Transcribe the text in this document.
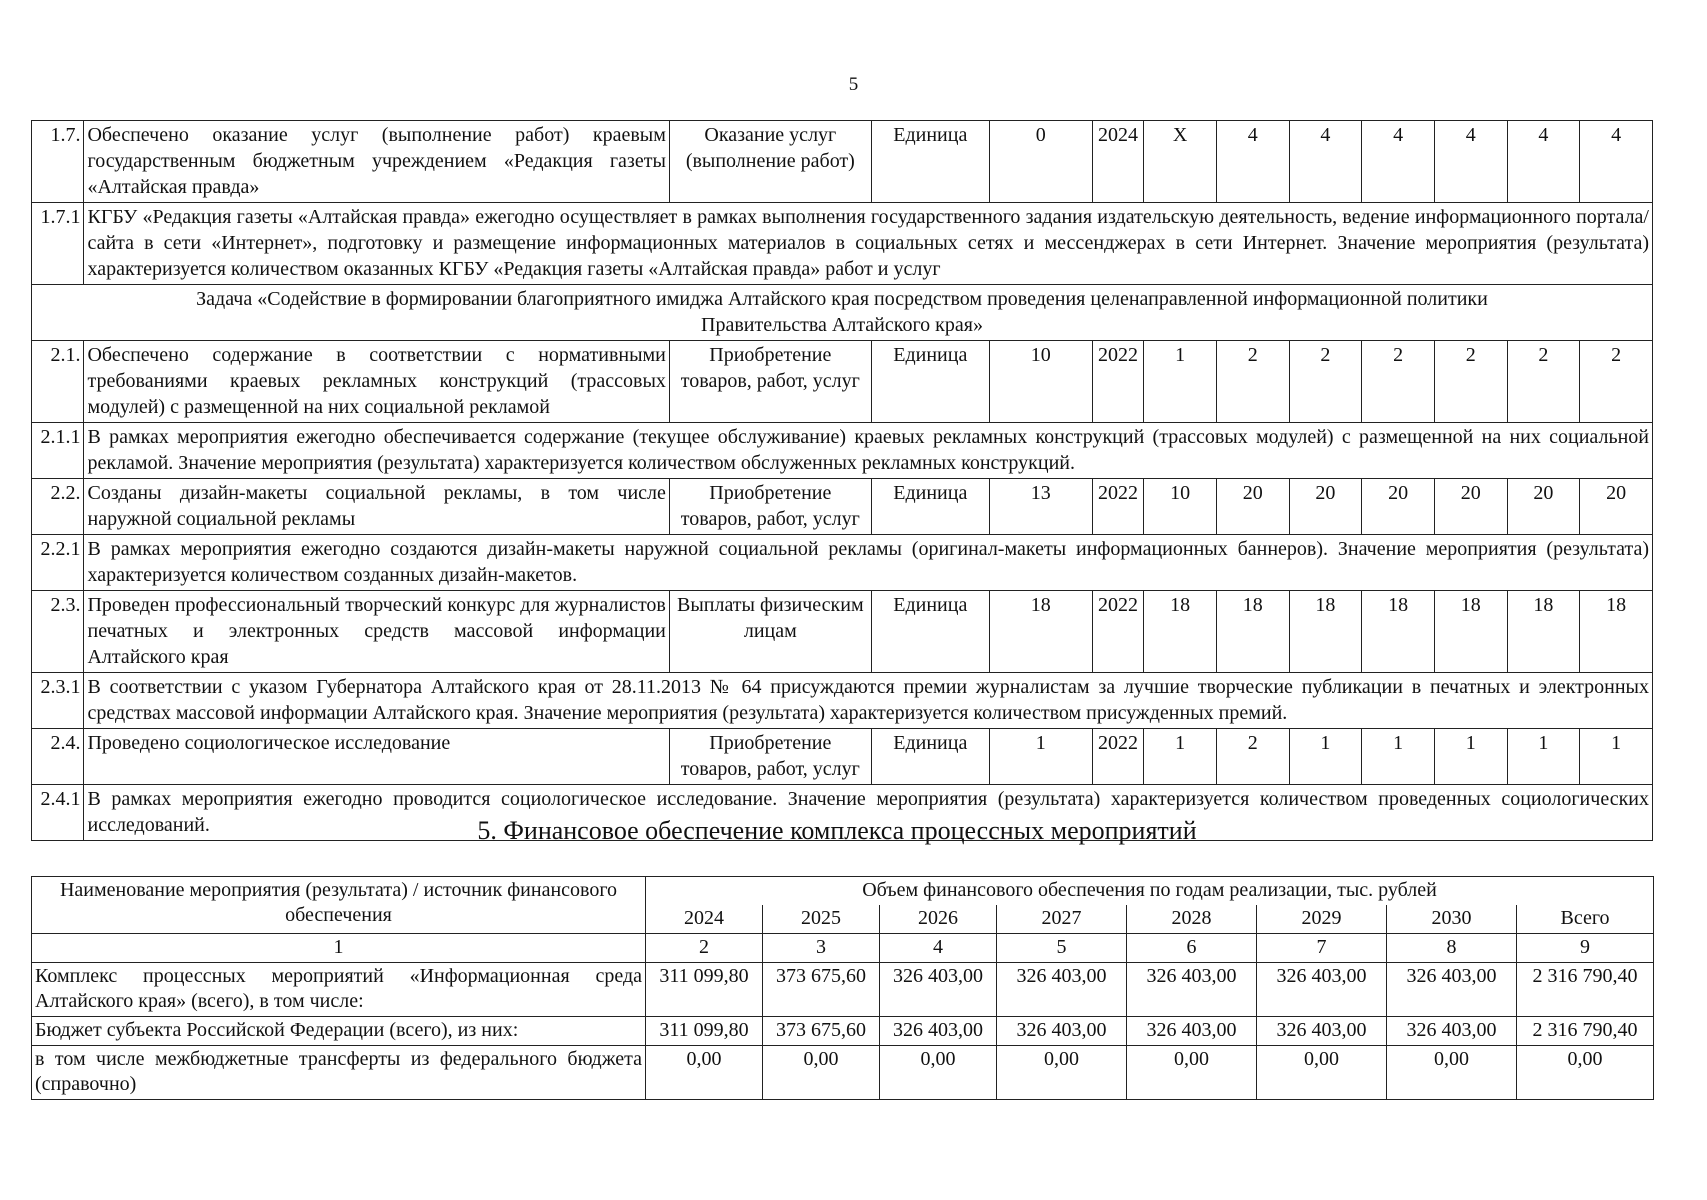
5
1.7.	Обеспечено оказание услуг (выполнение работ) краевым государственным бюджетным учреждением «Редакция газеты «Алтайская правда»	Оказание услуг (выполнение работ)	Единица	0	2024	Х	4	4	4	4	4	4
1.7.1	КГБУ «Редакция газеты «Алтайская правда» ежегодно осуществляет в рамках выполнения государственного задания издательскую деятельность, ведение информационного портала/сайта в сети «Интернет», подготовку и размещение информационных материалов в социальных сетях и мессенджерах в сети Интернет. Значение мероприятия (результата) характеризуется количеством оказанных КГБУ «Редакция газеты «Алтайская правда» работ и услуг											
Задача «Содействие в формировании благоприятного имиджа Алтайского края посредством проведения целенаправленной информационной политики Правительства Алтайского края»												
2.1.	Обеспечено содержание в соответствии с нормативными требованиями краевых рекламных конструкций (трассовых модулей) с размещенной на них социальной рекламой	Приобретение товаров, работ, услуг	Единица	10	2022	1	2	2	2	2	2	2
2.1.1	В рамках мероприятия ежегодно обеспечивается содержание (текущее обслуживание) краевых рекламных конструкций (трассовых модулей) с размещенной на них социальной рекламой. Значение мероприятия (результата) характеризуется количеством обслуженных рекламных конструкций.											
2.2.	Созданы дизайн-макеты социальной рекламы, в том числе наружной социальной рекламы	Приобретение товаров, работ, услуг	Единица	13	2022	10	20	20	20	20	20	20
2.2.1	В рамках мероприятия ежегодно создаются дизайн-макеты наружной социальной рекламы (оригинал-макеты информационных баннеров). Значение мероприятия (результата) характеризуется количеством созданных дизайн-макетов.											
2.3.	Проведен профессиональный творческий конкурс для журналистов печатных и электронных средств массовой информации Алтайского края	Выплаты физическим лицам	Единица	18	2022	18	18	18	18	18	18	18
2.3.1	В соответствии с указом Губернатора Алтайского края от 28.11.2013 № 64 присуждаются премии журналистам за лучшие творческие публикации в печатных и электронных средствах массовой информации Алтайского края. Значение мероприятия (результата) характеризуется количеством присужденных премий.											
2.4.	Проведено социологическое исследование	Приобретение товаров, работ, услуг	Единица	1	2022	1	2	1	1	1	1	1
2.4.1	В рамках мероприятия ежегодно проводится социологическое исследование. Значение мероприятия (результата) характеризуется количеством проведенных социологических исследований.												5. Финансовое обеспечение комплекса процессных мероприятий
Наименование мероприятия (результата) / источник финансового обеспечения	Объем финансового обеспечения по годам реализации, тыс. рублей							
	2024	2025	2026	2027	2028	2029	2030	Всего
1	2	3	4	5	6	7	8	9
Комплекс процессных мероприятий «Информационная среда Алтайского края» (всего), в том числе:	311 099,80	373 675,60	326 403,00	326 403,00	326 403,00	326 403,00	326 403,00	2 316 790,40
Бюджет субъекта Российской Федерации (всего), из них:	311 099,80	373 675,60	326 403,00	326 403,00	326 403,00	326 403,00	326 403,00	2 316 790,40
в том числе межбюджетные трансферты из федерального бюджета (справочно)	0,00	0,00	0,00	0,00	0,00	0,00	0,00	0,00
